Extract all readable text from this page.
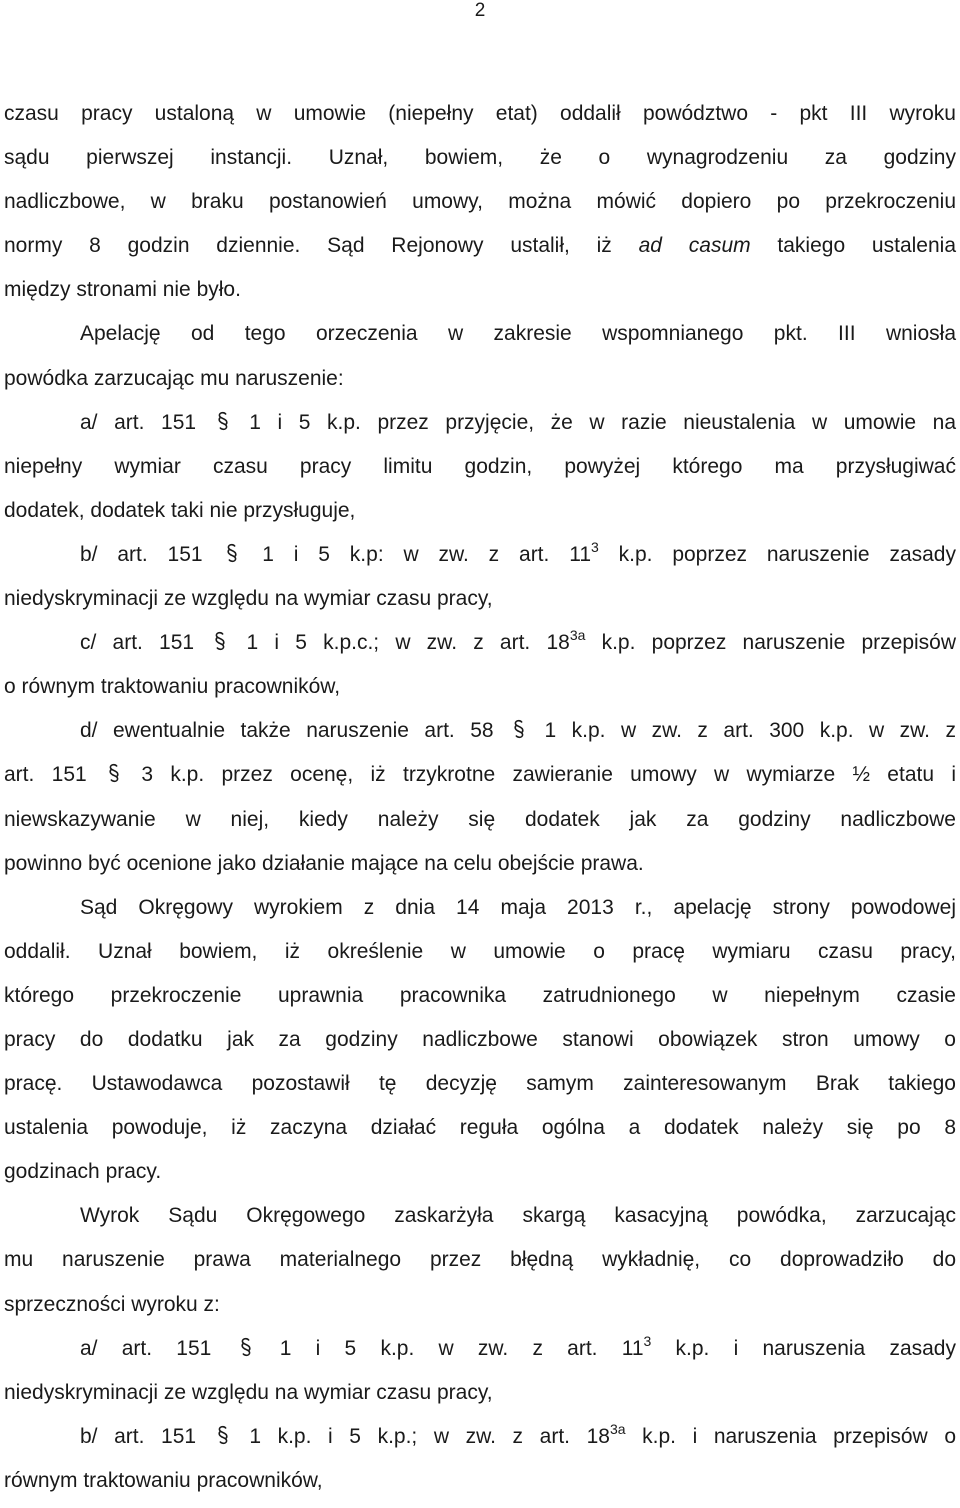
2

czasu pracy ustaloną w umowie (niepełny etat) oddalił powództwo - pkt III wyroku

sądu pierwszej instancji. Uznał, bowiem, że o wynagrodzeniu za godziny

nadliczbowe, w braku postanowień umowy, można mówić dopiero po przekroczeniu

normy 8 godzin dziennie. Sąd Rejonowy ustalił, iż ad casum takiego ustalenia

między stronami nie było.

Apelację od tego orzeczenia w zakresie wspomnianego pkt. III wniosła

powódka zarzucając mu naruszenie:

a/ art. 151	1 i 5 k.p. przez przyjęcie, że w razie nieustalenia w umowie na

niepełny wymiar czasu pracy limitu godzin, powyżej którego ma przysługiwać

dodatek, dodatek taki nie przysługuje,

b/ art. 151	1 i 5 k.p: w zw. z art. $11^3$ k.p. poprzez naruszenie zasady

niedyskryminacji ze względu na wymiar czasu pracy,

c/ art. 151 1 i 5 k.p.c.; w zw. z art. $18^{3a}$ k.p. poprzez naruszenie przepisów

o równym traktowaniu pracowników,

d/ ewentualnie także naruszenie art. 58 1 k.p. w zw. z art. 300 k.p. w zw. z

art. 151	3 k.p. przez ocenę, iż trzykrotne zawieranie umowy w wymiarze ½ etatu i

niewskazywanie w niej, kiedy należy się dodatek jak za godziny nadliczbowe

powinno być ocenione jako działanie mające na celu obejście prawa.

Sąd Okręgowy wyrokiem z dnia 14 maja 2013 r., apelację strony powodowej

oddalił. Uznał bowiem, iż określenie w umowie o pracę wymiaru czasu pracy,

którego przekroczenie uprawnia pracownika zatrudnionego w niepełnym czasie

pracy do dodatku jak za godziny nadliczbowe stanowi obowiązek stron umowy o

pracę. Ustawodawca pozostawił tę decyzję samym zainteresowanym Brak takiego

ustalenia powoduje, iż zaczyna działać reguła ogólna a dodatek należy się po 8

godzinach pracy.

Wyrok Sądu Okręgowego zaskarżyła skargą kasacyjną powódka, zarzucając

mu naruszenie prawa materialnego przez błędną wykładnię, co doprowadziło do

sprzeczności wyroku z:

a/ art. 151	1 i 5 k.p. w zw. z art. $11^3$ k.p. i naruszenia zasady

niedyskryminacji ze względu na wymiar czasu pracy,

b/ art. 151	1 k.p. i 5 k.p.; w zw. z art. $18^{3a}$ k.p. i naruszenia przepisów o

równym traktowaniu pracowników,
